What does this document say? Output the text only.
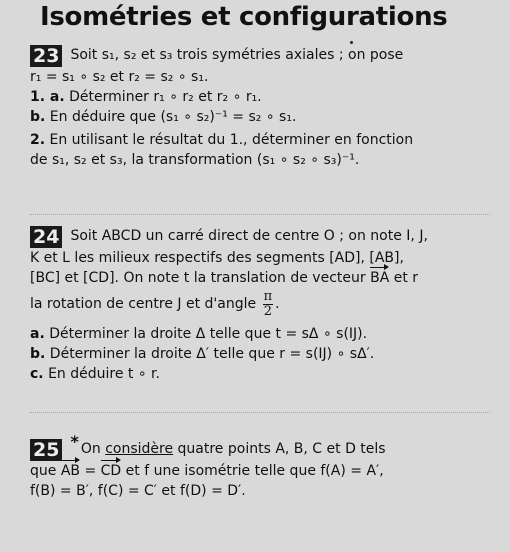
Isométries et configurations
23 Soit s₁, s₂ et s₃ trois symétries axiales ; on pose
r₁ = s₁ ∘ s₂ et r₂ = s₂ ∘ s₁.
1. a. Déterminer r₁ ∘ r₂ et r₂ ∘ r₁.
b. En déduire que (s₁ ∘ s₂)⁻¹ = s₂ ∘ s₁.
2. En utilisant le résultat du 1., déterminer en fonction
de s₁, s₂ et s₃, la transformation (s₁ ∘ s₂ ∘ s₃)⁻¹.
24 Soit ABCD un carré direct de centre O ; on note I, J,
K et L les milieux respectifs des segments [AD], [AB],
[BC] et [CD]. On note t la translation de vecteur BA et r
la rotation de centre J et d'angle $\frac{\pi}{2}$ .
a. Déterminer la droite Δ telle que t = sΔ ∘ s(IJ).
b. Déterminer la droite Δ′ telle que r = s(IJ) ∘ sΔ′.
c. En déduire t ∘ r.
25 * On considère quatre points A, B, C et D tels
que AB = CD et f une isométrie telle que f(A) = A′,
f(B) = B′, f(C) = C′ et f(D) = D′.
